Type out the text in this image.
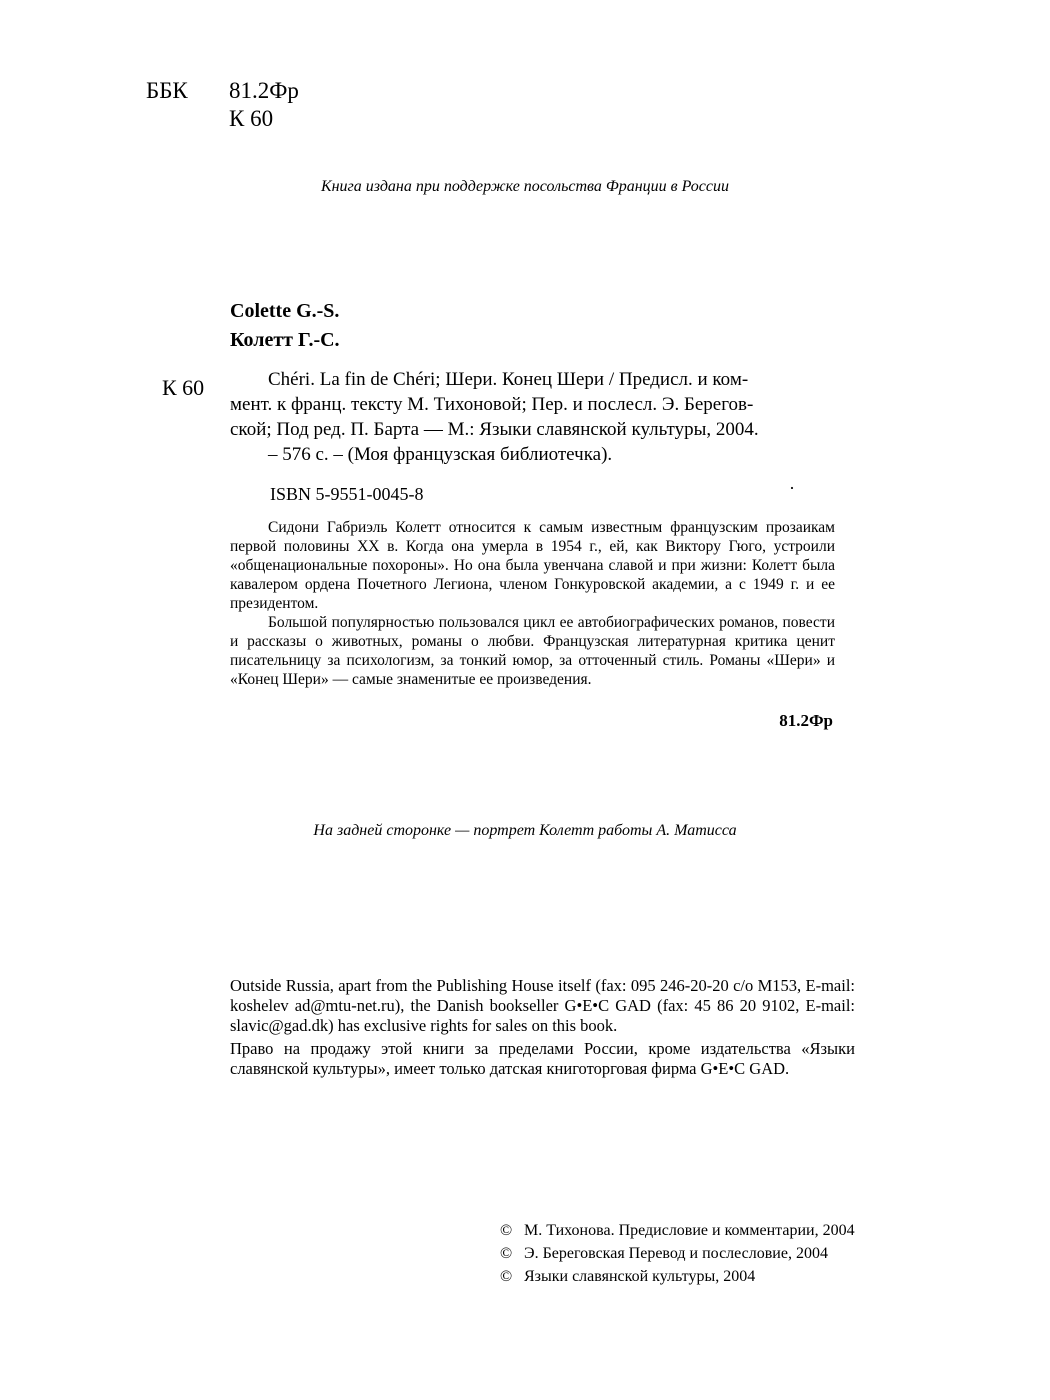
ББК 81.2Фр
К 60
Книга издана при поддержке посольства Франции в России
Colette G.-S.
Колетт Г.-С.
К 60	Chéri. La fin de Chéri; Шери. Конец Шери / Предисл. и ком-
мент. к франц. тексту М. Тихоновой; Пер. и послесл. Э. Берегов-
ской; Под ред. П. Барта — М.: Языки славянской культуры, 2004.
– 576 с. – (Моя французская библиотечка).
ISBN 5-9551-0045-8	·

Сидони Габриэль Колетт относится к самым известным французским прозаикам первой половины XX в. Когда она умерла в 1954 г., ей, как Виктору Гюго, устроили «общенациональные похороны». Но она была увенчана славой и при жизни: Колетт была кавалером ордена Почетного Легиона, членом Гонкуровской академии, а с 1949 г. и ее президентом.

Большой популярностью пользовался цикл ее автобиографических романов, повести и рассказы о животных, романы о любви. Французская литературная критика ценит писательницу за психологизм, за тонкий юмор, за отточенный стиль. Романы «Шери» и «Конец Шери» — самые знаменитые ее произведения.

81.2Фр
На задней сторонке — портрет Колетт работы А. Матисса

Outside Russia, apart from the Publishing House itself (fax: 095 246-20-20 c/o M153, E-mail: koshelev ad@mtu-net.ru), the Danish bookseller G•E•C GAD (fax: 45 86 20 9102, E-mail: slavic@gad.dk) has exclusive rights for sales on this book.

Право на продажу этой книги за пределами России, кроме издательства «Языки славянской культуры», имеет только датская книготорговая фирма G•E•C GAD.

© М. Тихонова. Предисловие и комментарии, 2004
© Э. Береговская Перевод и послесловие, 2004
© Языки славянской культуры, 2004
